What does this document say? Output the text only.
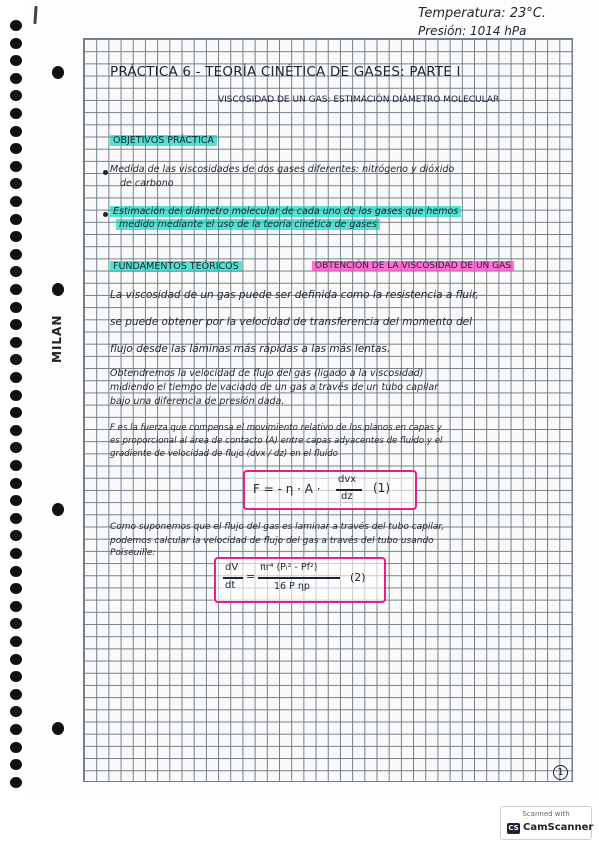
MILAN
Temperatura: 23°C.
Presión: 1014 hPa
PRÁCTICA 6 - TEORÍA CINÉTICA DE GASES: PARTE I
VISCOSIDAD DE UN GAS: ESTIMACIÓN DIÁMETRO MOLECULAR
OBJETIVOS PRÁCTICA
Medida de las viscosidades de dos gases diferentes: nitrógeno y dióxido
de carbono
Estimación del diámetro molecular de cada uno de los gases que hemos
medido mediante el uso de la teoría cinética de gases
FUNDAMENTOS TEÓRICOS	OBTENCIÓN DE LA VISCOSIDAD DE UN GAS
La viscosidad de un gas puede ser definida como la resistencia a fluir,
se puede obtener por la velocidad de transferencia del momento del
flujo desde las láminas más rápidas a las más lentas.
Obtendremos la velocidad de flujo del gas (ligado a la viscosidad)
midiendo el tiempo de vaciado de un gas a través de un tubo capilar
bajo una diferencia de presión dada.
F es la fuerza que compensa el movimiento relativo de los planos en capas y
es proporcional al área de contacto (A) entre capas adyacentes de fluido y el
gradiente de velocidad de flujo (dvx / dz) en el fluido
F = - η · A ·
dvx
dz
(1)
Como suponemos que el flujo del gas es laminar a través del tubo capilar,
podemos calcular la velocidad de flujo del gas a través del tubo usando
Poiseuille:
dV
dt
=
πr⁴ (Pᵢ² - Pf²)
16 P ηp
(2)
1
Scanned with
CS CamScanner
